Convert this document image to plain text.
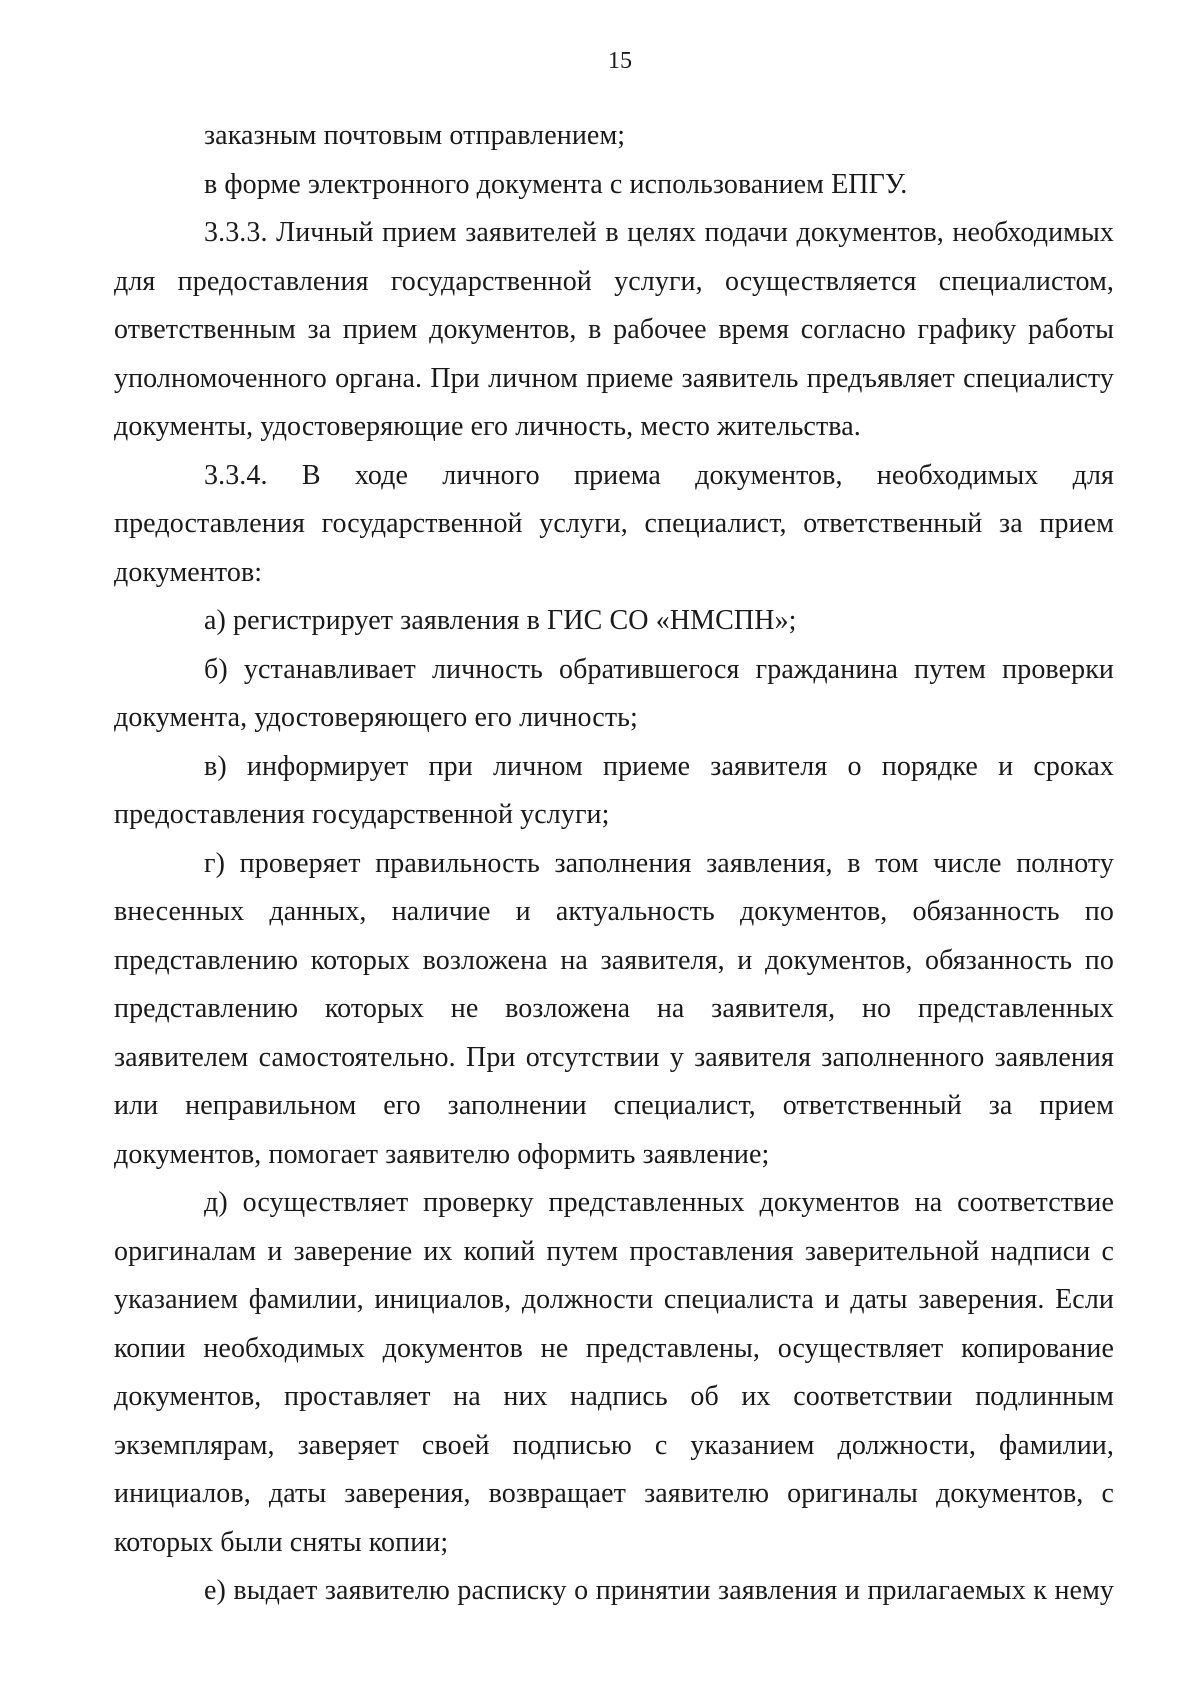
15

заказным почтовым отправлением;

в форме электронного документа с использованием ЕПГУ.

3.3.3. Личный прием заявителей в целях подачи документов, необходимых для предоставления государственной услуги, осуществляется специалистом, ответственным за прием документов, в рабочее время согласно графику работы уполномоченного органа. При личном приеме заявитель предъявляет специалисту документы, удостоверяющие его личность, место жительства.

3.3.4. В ходе личного приема документов, необходимых для предоставления государственной услуги, специалист, ответственный за прием документов:

а) регистрирует заявления в ГИС СО «НМСПН»;

б) устанавливает личность обратившегося гражданина путем проверки документа, удостоверяющего его личность;

в) информирует при личном приеме заявителя о порядке и сроках предоставления государственной услуги;

г) проверяет правильность заполнения заявления, в том числе полноту внесенных данных, наличие и актуальность документов, обязанность по представлению которых возложена на заявителя, и документов, обязанность по представлению которых не возложена на заявителя, но представленных заявителем самостоятельно. При отсутствии у заявителя заполненного заявления или неправильном его заполнении специалист, ответственный за прием документов, помогает заявителю оформить заявление;

д) осуществляет проверку представленных документов на соответствие оригиналам и заверение их копий путем проставления заверительной надписи с указанием фамилии, инициалов, должности специалиста и даты заверения. Если копии необходимых документов не представлены, осуществляет копирование документов, проставляет на них надпись об их соответствии подлинным экземплярам, заверяет своей подписью с указанием должности, фамилии, инициалов, даты заверения, возвращает заявителю оригиналы документов, с которых были сняты копии;

е) выдает заявителю расписку о принятии заявления и прилагаемых к нему
